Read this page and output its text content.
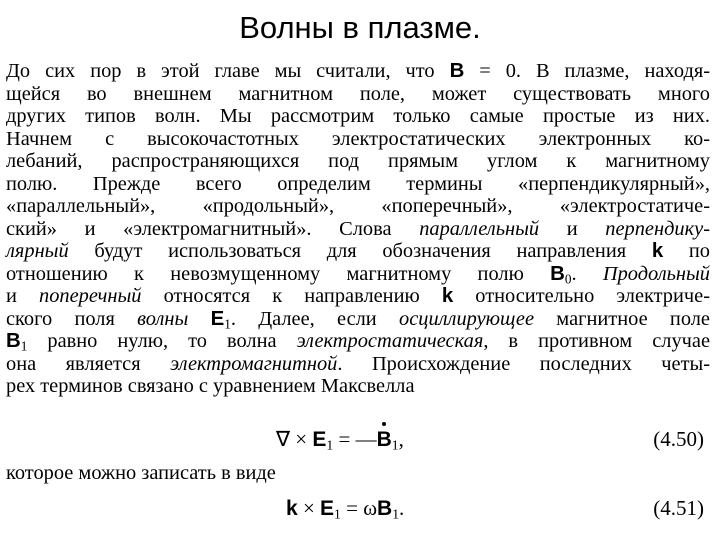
Волны в плазме.
До сих пор в этой главе мы считали, что B = 0. В плазме, находя-
щейся во внешнем магнитном поле, может существовать много
других типов волн. Мы рассмотрим только самые простые из них.
Начнем с высокочастотных электростатических электронных ко-
лебаний, распространяющихся под прямым углом к магнитному
полю. Прежде всего определим термины «перпендикулярный»,
«параллельный», «продольный», «поперечный», «электростатиче-
ский» и «электромагнитный». Слова параллельный и перпендику-
лярный будут использоваться для обозначения направления k по
отношению к невозмущенному магнитному полю $B_0$. Продольный
и поперечный относятся к направлению k относительно электриче-
ского поля волны $E_1$. Далее, если осциллирующее магнитное поле
$B_1$ равно нулю, то волна электростатическая, в противном случае
она является электромагнитной. Происхождение последних четы-
рех терминов связано с уравнением Максвелла
∇ × $E_1$ = $—B_1$,	(4.50)
которое можно записать в виде
$k \times E_1 = \omega B_1$.	(4.51)
